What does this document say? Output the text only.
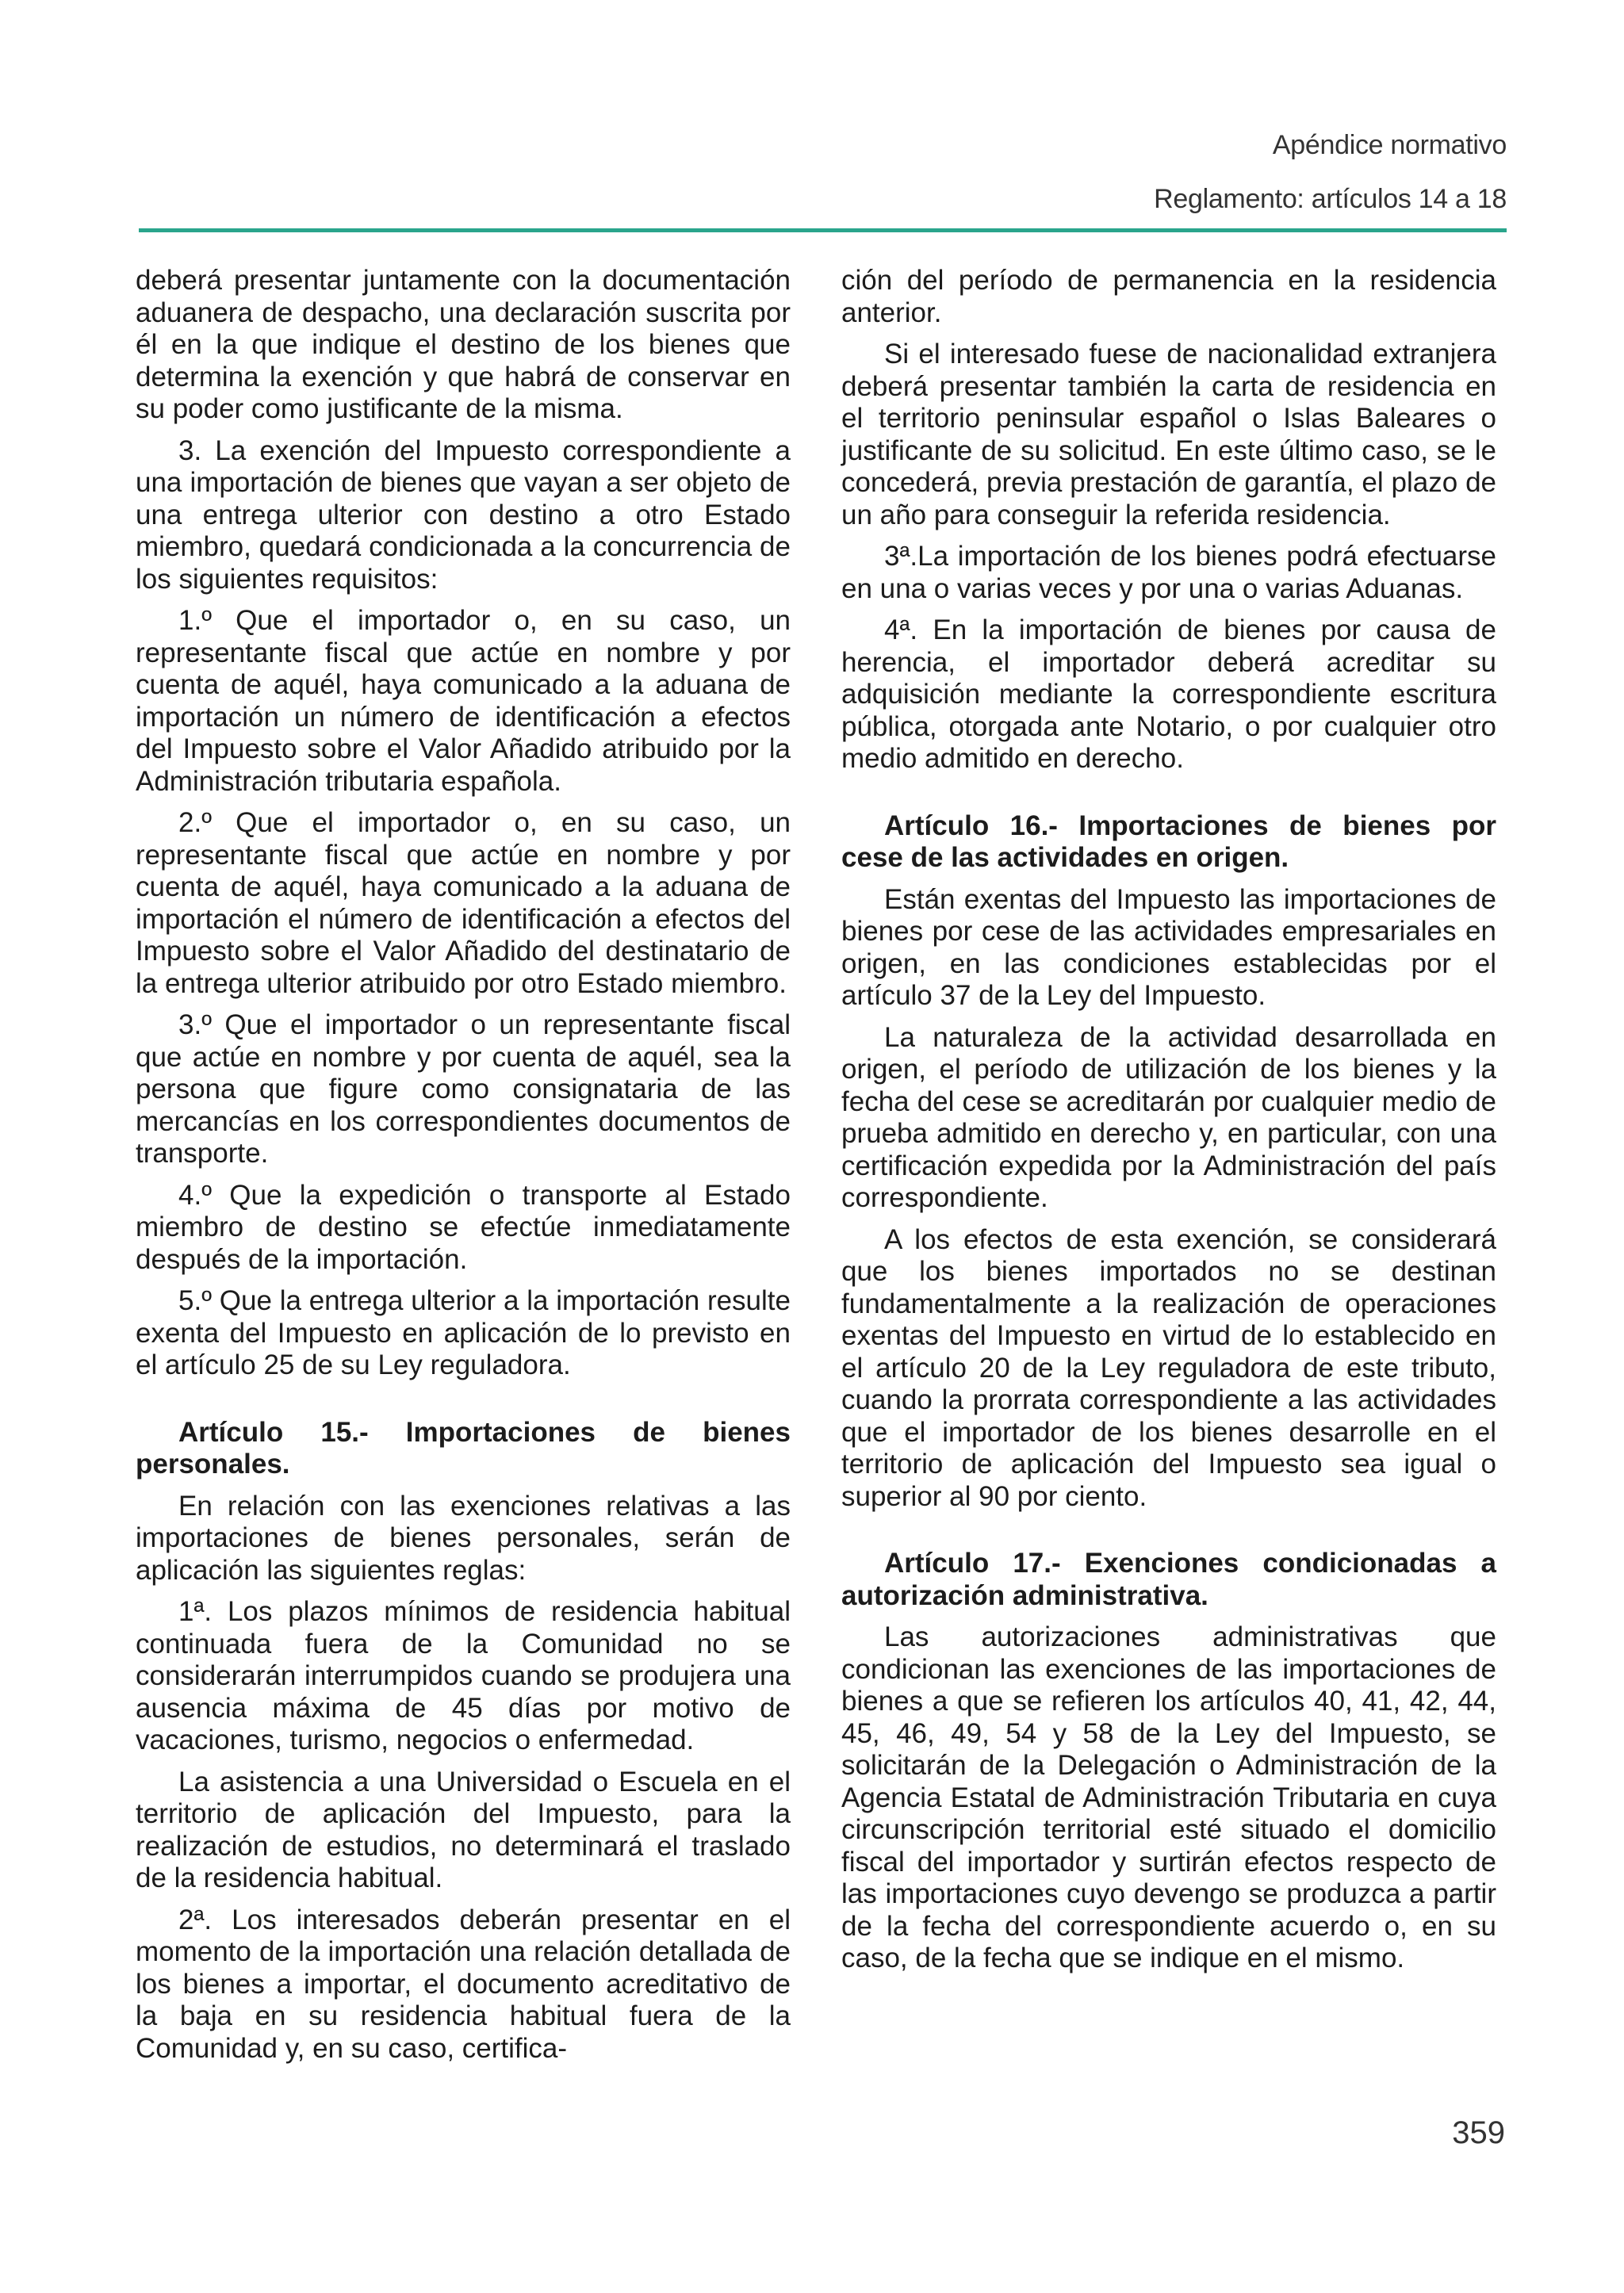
Apéndice normativo
Reglamento: artículos 14 a 18

deberá presentar juntamente con la documentación aduanera de despacho, una declaración suscrita por él en la que indique el destino de los bienes que determina la exención y que habrá de conservar en su poder como justificante de la misma.

3. La exención del Impuesto correspondiente a una importación de bienes que vayan a ser objeto de una entrega ulterior con destino a otro Estado miembro, quedará condicionada a la concurrencia de los siguientes requisitos:

1.º Que el importador o, en su caso, un representante fiscal que actúe en nombre y por cuenta de aquél, haya comunicado a la aduana de importación un número de identificación a efectos del Impuesto sobre el Valor Añadido atribuido por la Administración tributaria española.

2.º Que el importador o, en su caso, un representante fiscal que actúe en nombre y por cuenta de aquél, haya comunicado a la aduana de importación el número de identificación a efectos del Impuesto sobre el Valor Añadido del destinatario de la entrega ulterior atribuido por otro Estado miembro.

3.º Que el importador o un representante fiscal que actúe en nombre y por cuenta de aquél, sea la persona que figure como consignataria de las mercancías en los correspondientes documentos de transporte.

4.º Que la expedición o transporte al Estado miembro de destino se efectúe inmediatamente después de la importación.

5.º Que la entrega ulterior a la importación resulte exenta del Impuesto en aplicación de lo previsto en el artículo 25 de su Ley reguladora.

Artículo 15.- Importaciones de bienes personales.

En relación con las exenciones relativas a las importaciones de bienes personales, serán de aplicación las siguientes reglas:

1ª. Los plazos mínimos de residencia habitual continuada fuera de la Comunidad no se considerarán interrumpidos cuando se produjera una ausencia máxima de 45 días por motivo de vacaciones, turismo, negocios o enfermedad.

La asistencia a una Universidad o Escuela en el territorio de aplicación del Impuesto, para la realización de estudios, no determinará el traslado de la residencia habitual.

2ª. Los interesados deberán presentar en el momento de la importación una relación detallada de los bienes a importar, el documento acreditativo de la baja en su residencia habitual fuera de la Comunidad y, en su caso, certifica-

ción del período de permanencia en la residencia anterior.

Si el interesado fuese de nacionalidad extranjera deberá presentar también la carta de residencia en el territorio peninsular español o Islas Baleares o justificante de su solicitud. En este último caso, se le concederá, previa prestación de garantía, el plazo de un año para conseguir la referida residencia.

3ª.La importación de los bienes podrá efectuarse en una o varias veces y por una o varias Aduanas.

4ª. En la importación de bienes por causa de herencia, el importador deberá acreditar su adquisición mediante la correspondiente escritura pública, otorgada ante Notario, o por cualquier otro medio admitido en derecho.

Artículo 16.- Importaciones de bienes por cese de las actividades en origen.

Están exentas del Impuesto las importaciones de bienes por cese de las actividades empresariales en origen, en las condiciones establecidas por el artículo 37 de la Ley del Impuesto.

La naturaleza de la actividad desarrollada en origen, el período de utilización de los bienes y la fecha del cese se acreditarán por cualquier medio de prueba admitido en derecho y, en particular, con una certificación expedida por la Administración del país correspondiente.

A los efectos de esta exención, se considerará que los bienes importados no se destinan fundamentalmente a la realización de operaciones exentas del Impuesto en virtud de lo establecido en el artículo 20 de la Ley reguladora de este tributo, cuando la prorrata correspondiente a las actividades que el importador de los bienes desarrolle en el territorio de aplicación del Impuesto sea igual o superior al 90 por ciento.

Artículo 17.- Exenciones condicionadas a autorización administrativa.

Las autorizaciones administrativas que condicionan las exenciones de las importaciones de bienes a que se refieren los artículos 40, 41, 42, 44, 45, 46, 49, 54 y 58 de la Ley del Impuesto, se solicitarán de la Delegación o Administración de la Agencia Estatal de Administración Tributaria en cuya circunscripción territorial esté situado el domicilio fiscal del importador y surtirán efectos respecto de las importaciones cuyo devengo se produzca a partir de la fecha del correspondiente acuerdo o, en su caso, de la fecha que se indique en el mismo.

359
